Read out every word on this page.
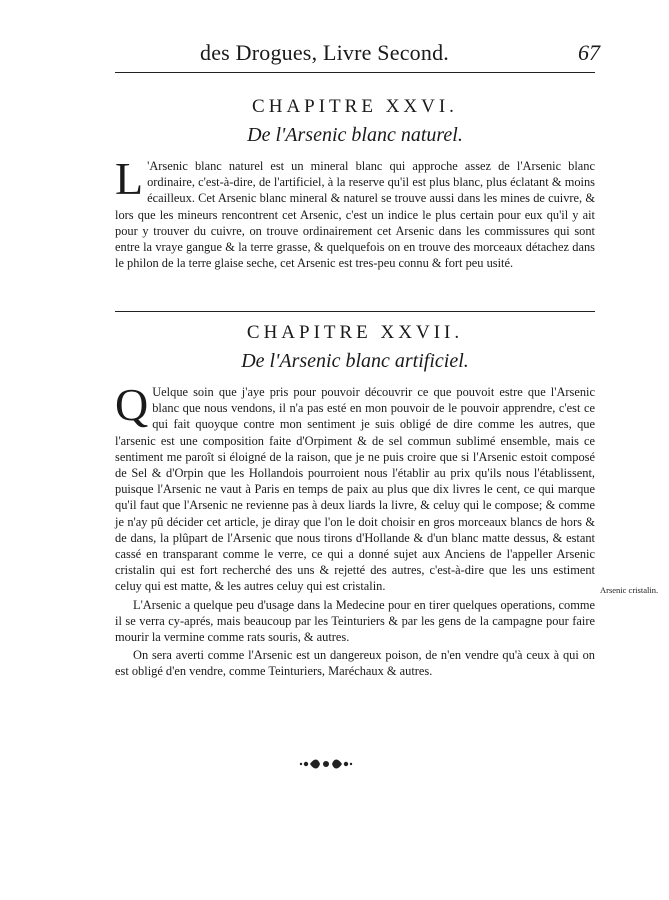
des Drogues, Livre Second.	67
CHAPITRE XXVI.
De l'Arsenic blanc naturel.

L 'Arsenic blanc naturel est un mineral blanc qui approche assez de l'Arsenic blanc ordinaire, c'est-à-dire, de l'artificiel, à la reserve qu'il est plus blanc, plus éclatant & moins écailleux. Cet Arsenic blanc mineral & naturel se trouve aussi dans les mines de cuivre, & lors que les mineurs rencontrent cet Arsenic, c'est un indice le plus certain pour eux qu'il y ait pour y trouver du cuivre, on trouve ordinairement cet Arsenic dans les commissures qui sont entre la vraye gangue & la terre grasse, & quelquefois on en trouve des morceaux détachez dans le philon de la terre glaise seche, cet Arsenic est tres-peu connu & fort peu usité.

CHAPITRE XXVII.
De l'Arsenic blanc artificiel.

Q Uelque soin que j'aye pris pour pouvoir découvrir ce que pouvoit estre que l'Arsenic blanc que nous vendons, il n'a pas esté en mon pouvoir de le pouvoir apprendre, c'est ce qui fait quoyque contre mon sentiment je suis obligé de dire comme les autres, que l'arsenic est une composition faite d'Orpiment & de sel commun sublimé ensemble, mais ce sentiment me paroît si éloigné de la raison, que je ne puis croire que si l'Arsenic estoit composé de Sel & d'Orpin que les Hollandois pourroient nous l'établir au prix qu'ils nous l'établissent, puisque l'Arsenic ne vaut à Paris en temps de paix au plus que dix livres le cent, ce qui marque qu'il faut que l'Arsenic ne revienne pas à deux liards la livre, & celuy qui le compose; & comme je n'ay pû décider cet article, je diray que l'on le doit choisir en gros morceaux blancs de hors & de dans, la plûpart de l'Arsenic que nous tirons d'Hollande & d'un blanc matte dessus, & estant cassé en transparant comme le verre, ce qui a donné sujet aux Anciens de l'appeller Arsenic cristalin qui est fort recherché des uns & rejetté des autres, c'est-à-dire que les uns estiment celuy qui est matte, & les autres celuy qui est cristalin.

L'Arsenic a quelque peu d'usage dans la Medecine pour en tirer quelques operations, comme il se verra cy-aprés, mais beaucoup par les Teinturiers & par les gens de la campagne pour faire mourir la vermine comme rats souris, & autres.

On sera averti comme l'Arsenic est un dangereux poison, de n'en vendre qu'à ceux à qui on est obligé d'en vendre, comme Teinturiers, Maréchaux & autres.

Arsenic cristalin.
